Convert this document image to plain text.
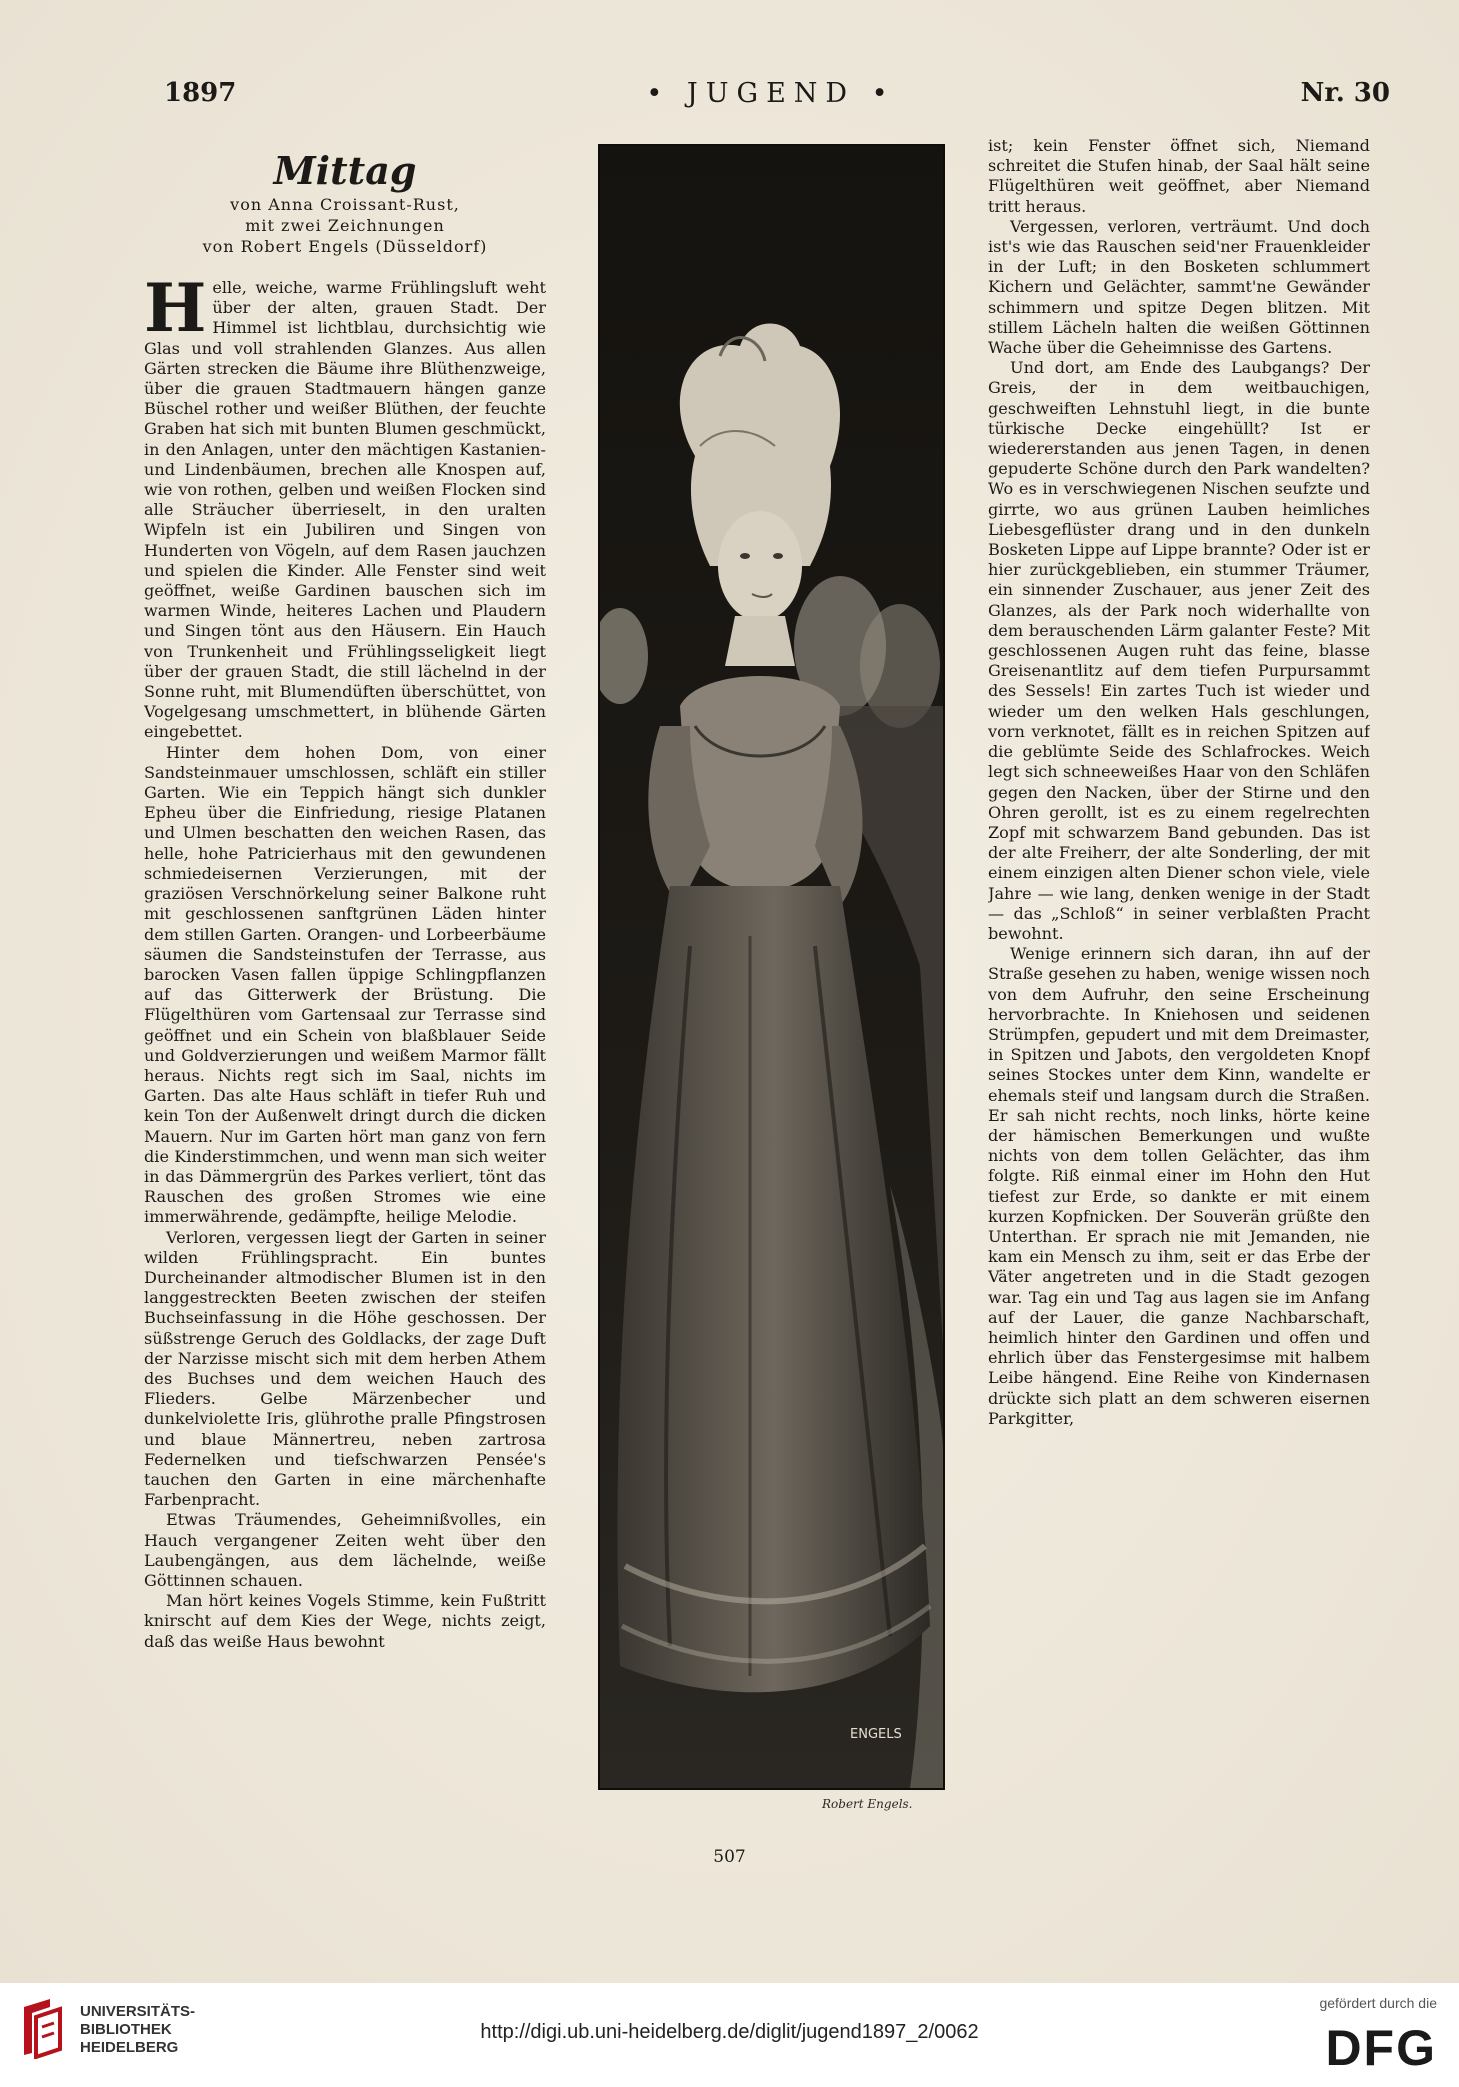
1897	• JUGEND •	Nr. 30
Mittag
von Anna Croissant-Rust,
mit zwei Zeichnungen
von Robert Engels (Düsseldorf)

Helle, weiche, warme Frühlingsluft weht über der alten, grauen Stadt. Der Himmel ist lichtblau, durchsichtig wie Glas und voll strahlenden Glanzes. Aus allen Gärten strecken die Bäume ihre Blüthenzweige, über die grauen Stadtmauern hängen ganze Büschel rother und weißer Blüthen, der feuchte Graben hat sich mit bunten Blumen geschmückt, in den Anlagen, unter den mächtigen Kastanien- und Lindenbäumen, brechen alle Knospen auf, wie von rothen, gelben und weißen Flocken sind alle Sträucher überrieselt, in den uralten Wipfeln ist ein Jubiliren und Singen von Hunderten von Vögeln, auf dem Rasen jauchzen und spielen die Kinder. Alle Fenster sind weit geöffnet, weiße Gardinen bauschen sich im warmen Winde, heiteres Lachen und Plaudern und Singen tönt aus den Häusern. Ein Hauch von Trunkenheit und Frühlingsseligkeit liegt über der grauen Stadt, die still lächelnd in der Sonne ruht, mit Blumendüften überschüttet, von Vogelgesang umschmettert, in blühende Gärten eingebettet.

Hinter dem hohen Dom, von einer Sandsteinmauer umschlossen, schläft ein stiller Garten. Wie ein Teppich hängt sich dunkler Epheu über die Einfriedung, riesige Platanen und Ulmen beschatten den weichen Rasen, das helle, hohe Patricierhaus mit den gewundenen schmiedeisernen Verzierungen, mit der graziösen Verschnörkelung seiner Balkone ruht mit geschlossenen sanftgrünen Läden hinter dem stillen Garten. Orangen- und Lorbeerbäume säumen die Sandsteinstufen der Terrasse, aus barocken Vasen fallen üppige Schlingpflanzen auf das Gitterwerk der Brüstung. Die Flügelthüren vom Gartensaal zur Terrasse sind geöffnet und ein Schein von blaßblauer Seide und Goldverzierungen und weißem Marmor fällt heraus. Nichts regt sich im Saal, nichts im Garten. Das alte Haus schläft in tiefer Ruh und kein Ton der Außenwelt dringt durch die dicken Mauern. Nur im Garten hört man ganz von fern die Kinderstimmchen, und wenn man sich weiter in das Dämmergrün des Parkes verliert, tönt das Rauschen des großen Stromes wie eine immerwährende, gedämpfte, heilige Melodie.

Verloren, vergessen liegt der Garten in seiner wilden Frühlingspracht. Ein buntes Durcheinander altmodischer Blumen ist in den langgestreckten Beeten zwischen der steifen Buchseinfassung in die Höhe geschossen. Der süßstrenge Geruch des Goldlacks, der zage Duft der Narzisse mischt sich mit dem herben Athem des Buchses und dem weichen Hauch des Flieders. Gelbe Märzenbecher und dunkelviolette Iris, glührothe pralle Pfingstrosen und blaue Männertreu, neben zartrosa Federnelken und tiefschwarzen Pensée's tauchen den Garten in eine märchenhafte Farbenpracht.

Etwas Träumendes, Geheimnißvolles, ein Hauch vergangener Zeiten weht über den Laubengängen, aus dem lächelnde, weiße Göttinnen schauen.

Man hört keines Vogels Stimme, kein Fußtritt knirscht auf dem Kies der Wege, nichts zeigt, daß das weiße Haus bewohnt

ENGELS
Robert Engels.

ist; kein Fenster öffnet sich, Niemand schreitet die Stufen hinab, der Saal hält seine Flügelthüren weit geöffnet, aber Niemand tritt heraus.

Vergessen, verloren, verträumt. Und doch ist's wie das Rauschen seid'ner Frauenkleider in der Luft; in den Bosketen schlummert Kichern und Gelächter, sammt'ne Gewänder schimmern und spitze Degen blitzen. Mit stillem Lächeln halten die weißen Göttinnen Wache über die Geheimnisse des Gartens.

Und dort, am Ende des Laubgangs? Der Greis, der in dem weitbauchigen, geschweiften Lehnstuhl liegt, in die bunte türkische Decke eingehüllt? Ist er wiedererstanden aus jenen Tagen, in denen gepuderte Schöne durch den Park wandelten? Wo es in verschwiegenen Nischen seufzte und girrte, wo aus grünen Lauben heimliches Liebesgeflüster drang und in den dunkeln Bosketen Lippe auf Lippe brannte? Oder ist er hier zurückgeblieben, ein stummer Träumer, ein sinnender Zuschauer, aus jener Zeit des Glanzes, als der Park noch widerhallte von dem berauschenden Lärm galanter Feste? Mit geschlossenen Augen ruht das feine, blasse Greisenantlitz auf dem tiefen Purpursammt des Sessels! Ein zartes Tuch ist wieder und wieder um den welken Hals geschlungen, vorn verknotet, fällt es in reichen Spitzen auf die geblümte Seide des Schlafrockes. Weich legt sich schneeweißes Haar von den Schläfen gegen den Nacken, über der Stirne und den Ohren gerollt, ist es zu einem regelrechten Zopf mit schwarzem Band gebunden. Das ist der alte Freiherr, der alte Sonderling, der mit einem einzigen alten Diener schon viele, viele Jahre — wie lang, denken wenige in der Stadt — das „Schloß“ in seiner verblaßten Pracht bewohnt.

Wenige erinnern sich daran, ihn auf der Straße gesehen zu haben, wenige wissen noch von dem Aufruhr, den seine Erscheinung hervorbrachte. In Kniehosen und seidenen Strümpfen, gepudert und mit dem Dreimaster, in Spitzen und Jabots, den vergoldeten Knopf seines Stockes unter dem Kinn, wandelte er ehemals steif und langsam durch die Straßen. Er sah nicht rechts, noch links, hörte keine der hämischen Bemerkungen und wußte nichts von dem tollen Gelächter, das ihm folgte. Riß einmal einer im Hohn den Hut tiefest zur Erde, so dankte er mit einem kurzen Kopfnicken. Der Souverän grüßte den Unterthan. Er sprach nie mit Jemanden, nie kam ein Mensch zu ihm, seit er das Erbe der Väter angetreten und in die Stadt gezogen war. Tag ein und Tag aus lagen sie im Anfang auf der Lauer, die ganze Nachbarschaft, heimlich hinter den Gardinen und offen und ehrlich über das Fenstergesimse mit halbem Leibe hängend. Eine Reihe von Kindernasen drückte sich platt an dem schweren eisernen Parkgitter,

507
UNIVERSITÄTS-
BIBLIOTHEK
HEIDELBERG
http://digi.ub.uni-heidelberg.de/diglit/jugend1897_2/0062
gefördert durch die
DFG
